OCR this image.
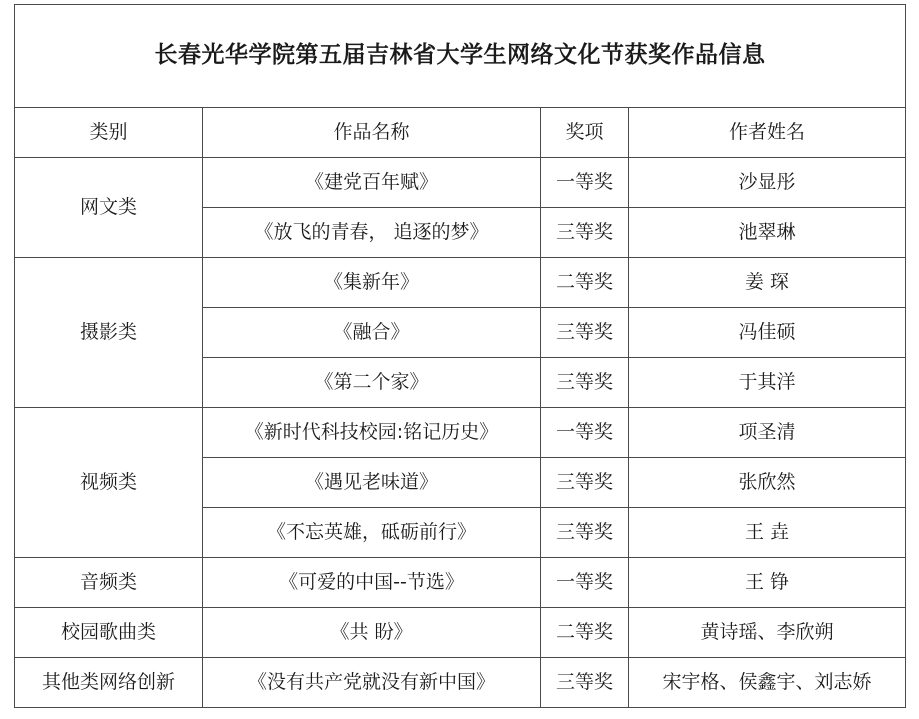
长春光华学院第五届吉林省大学生网络文化节获奖作品信息			
类别	作品名称	奖项	作者姓名
网文类	《建党百年赋》	一等奖	沙显彤
	《放飞的青春， 追逐的梦》	三等奖	池翠琳
摄影类	《集新年》	二等奖	姜 琛
	《融合》	三等奖	冯佳硕
	《第二个家》	三等奖	于其洋
视频类	《新时代科技校园:铭记历史》	一等奖	项圣清
	《遇见老味道》	三等奖	张欣然
	《不忘英雄，砥砺前行》	三等奖	王 垚
音频类	《可爱的中国--节选》	一等奖	王 铮
校园歌曲类	《共 盼》	二等奖	黄诗瑶、李欣朔
其他类网络创新	《没有共产党就没有新中国》	三等奖	宋宇格、侯鑫宇、刘志娇
